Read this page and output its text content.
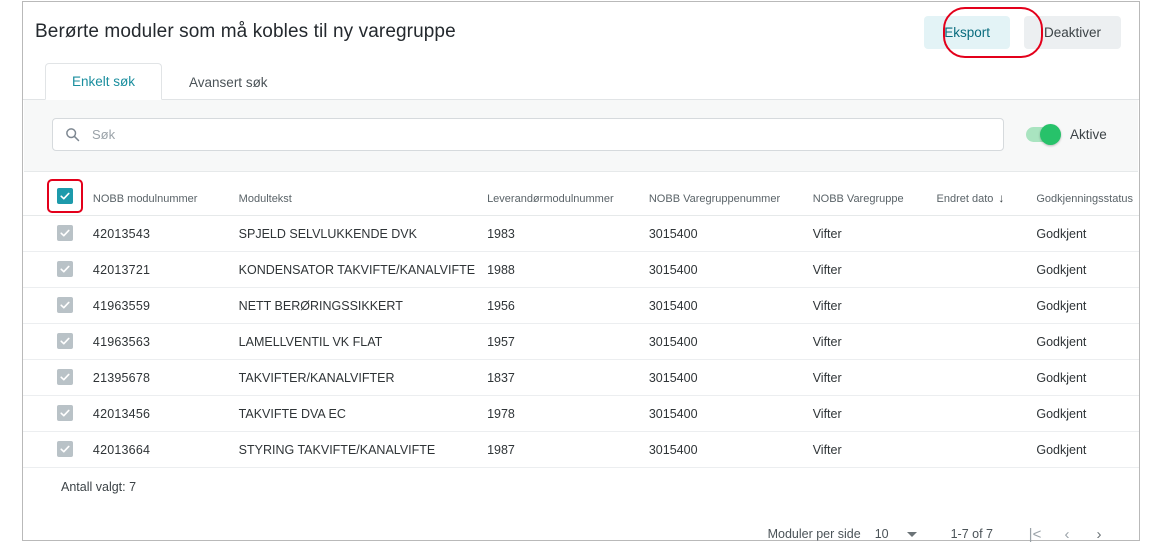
Berørte moduler som må kobles til ny varegruppe	Eksport	Deaktiver
Enkelt søk	Avansert søk
Søk
Aktive
	NOBB modulnummer	Modultekst	Leverandørmodulnummer	NOBB Varegruppenummer	NOBB Varegruppe	Endret dato ↓	Godkjenningsstatus

	42013543	SPJELD SELVLUKKENDE DVK	1983	3015400	Vifter		Godkjent

	42013721	KONDENSATOR TAKVIFTE/KANALVIFTE	1988	3015400	Vifter		Godkjent

	41963559	NETT BERØRINGSSIKKERT	1956	3015400	Vifter		Godkjent

	41963563	LAMELLVENTIL VK FLAT	1957	3015400	Vifter		Godkjent

	21395678	TAKVIFTER/KANALVIFTER	1837	3015400	Vifter		Godkjent

	42013456	TAKVIFTE DVA EC	1978	3015400	Vifter		Godkjent

	42013664	STYRING TAKVIFTE/KANALVIFTE	1987	3015400	Vifter		Godkjent
Antall valgt: 7
Moduler per side 10	1-7 of 7	|<	‹	›
